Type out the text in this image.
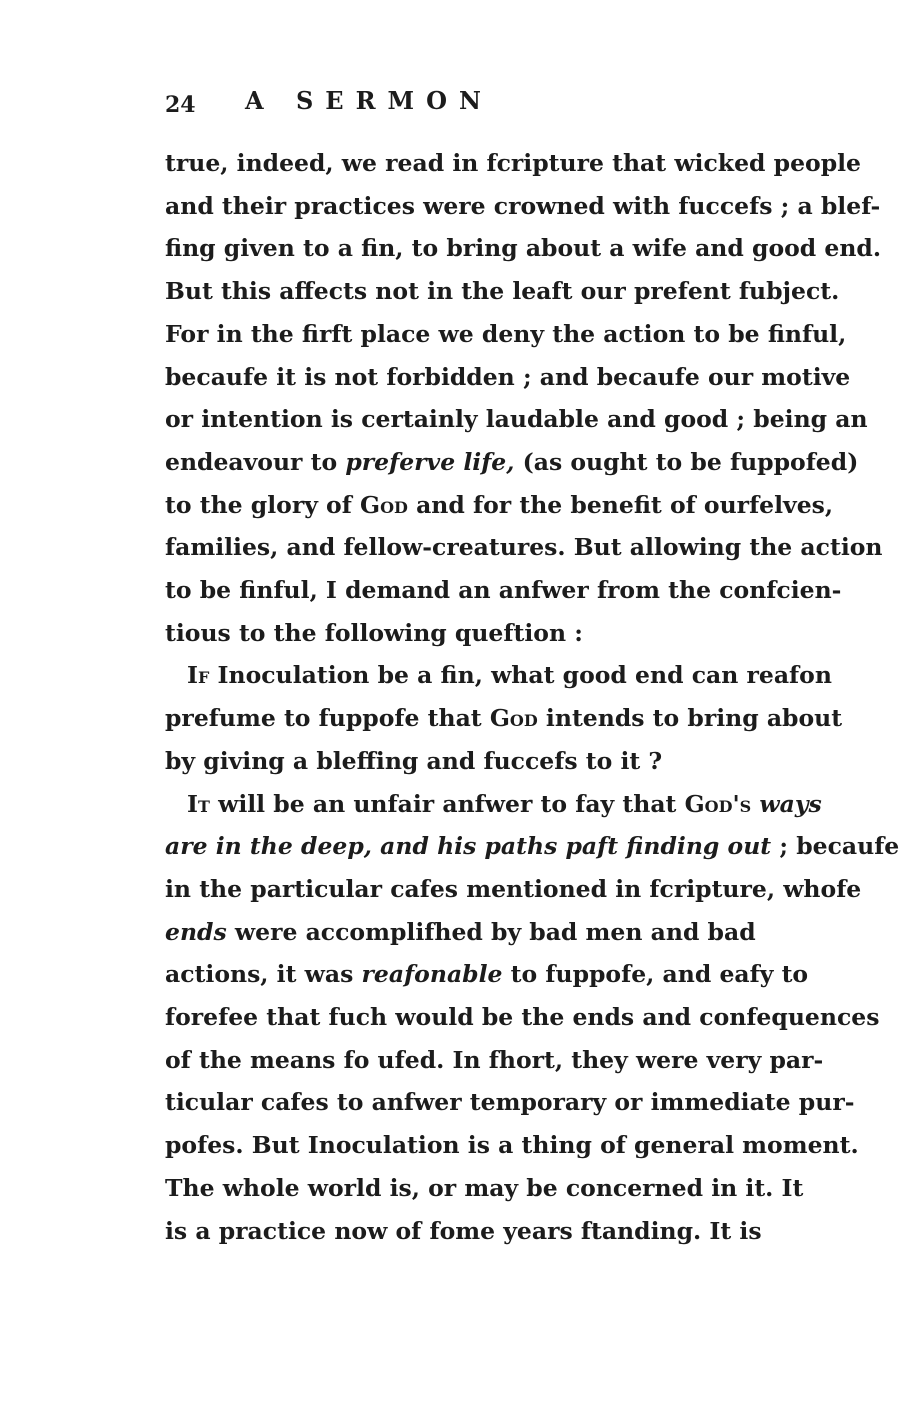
24 A SERMON
true, indeed, we read in fcripture that wicked people
and their practices were crowned with fuccefs ; a blef-
fing given to a fin, to bring about a wife and good end.
But this affects not in the leaft our prefent fubject.
For in the firft place we deny the action to be finful,
becaufe it is not forbidden ; and becaufe our motive
or intention is certainly laudable and good ; being an
endeavour to preferve life, (as ought to be fuppofed)
to the glory of God and for the benefit of ourfelves,
families, and fellow-creatures. But allowing the action
to be finful, I demand an anfwer from the confcien-
tious to the following queftion :
If Inoculation be a fin, what good end can reafon
prefume to fuppofe that God intends to bring about
by giving a bleffing and fuccefs to it ?
It will be an unfair anfwer to fay that God's ways
are in the deep, and his paths paft finding out ; becaufe
in the particular cafes mentioned in fcripture, whofe
ends were accomplifhed by bad men and bad
actions, it was reafonable to fuppofe, and eafy to
forefee that fuch would be the ends and confequences
of the means fo ufed. In fhort, they were very par-
ticular cafes to anfwer temporary or immediate pur-
pofes. But Inoculation is a thing of general moment.
The whole world is, or may be concerned in it. It
is a practice now of fome years ftanding. It is
